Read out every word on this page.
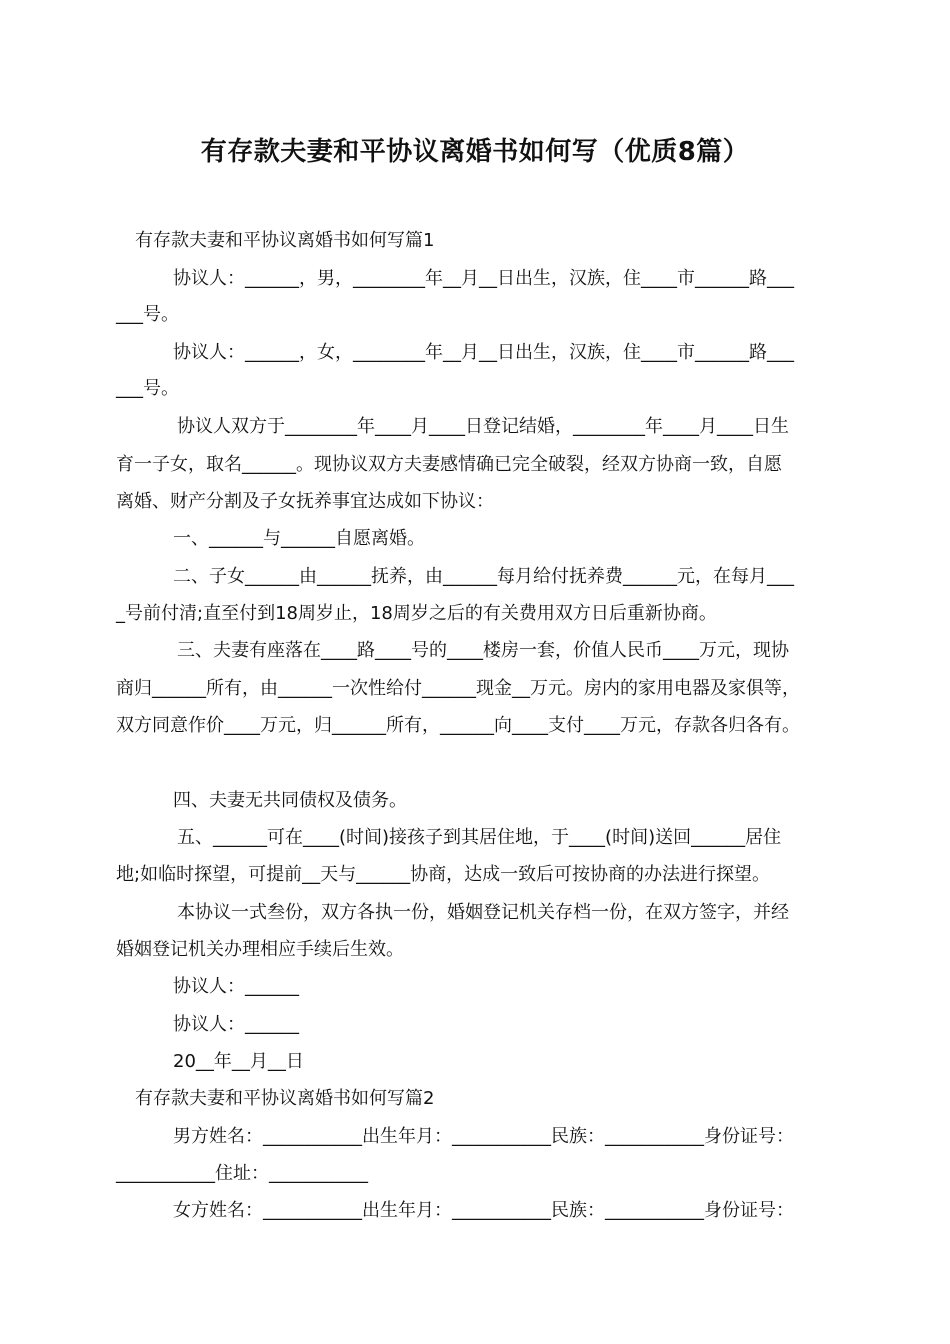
有存款夫妻和平协议离婚书如何写（优质8篇）
有存款夫妻和平协议离婚书如何写篇1
协议人：______，男，________年__月__日出生，汉族，住____市______路___
___号。
协议人：______，女，________年__月__日出生，汉族，住____市______路___
___号。
协议人双方于________年____月____日登记结婚，________年____月____日生
育一子女，取名______。现协议双方夫妻感情确已完全破裂，经双方协商一致，自愿
离婚、财产分割及子女抚养事宜达成如下协议：
一、______与______自愿离婚。
二、子女______由______抚养，由______每月给付抚养费______元，在每月___
_号前付清;直至付到18周岁止，18周岁之后的有关费用双方日后重新协商。
三、夫妻有座落在____路____号的____楼房一套，价值人民币____万元，现协
商归______所有，由______一次性给付______现金__万元。房内的家用电器及家俱等，
双方同意作价____万元，归______所有，______向____支付____万元，存款各归各有。
四、夫妻无共同债权及债务。
五、______可在____(时间)接孩子到其居住地，于____(时间)送回______居住
地;如临时探望，可提前__天与______协商，达成一致后可按协商的办法进行探望。
本协议一式叁份，双方各执一份，婚姻登记机关存档一份，在双方签字，并经
婚姻登记机关办理相应手续后生效。
协议人：______
协议人：______
20__年__月__日
有存款夫妻和平协议离婚书如何写篇2
男方姓名：___________出生年月：___________民族：___________身份证号：
___________住址：___________
女方姓名：___________出生年月：___________民族：___________身份证号：
